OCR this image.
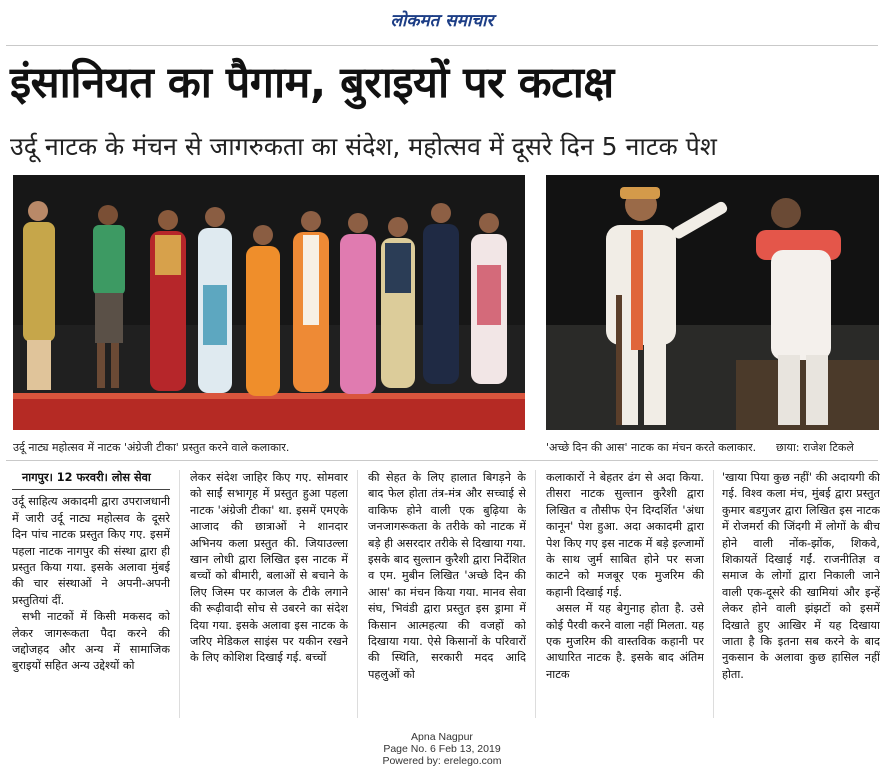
लोकमत समाचार
इंसानियत का पैगाम, बुराइयों पर कटाक्ष
उर्दू नाटक के मंचन से जागरुकता का संदेश, महोत्सव में दूसरे दिन 5 नाटक पेश
उर्दू नाट्य महोत्सव में नाटक 'अंग्रेजी टीका' प्रस्तुत करने वाले कलाकार.	'अच्छे दिन की आस' नाटक का मंचन करते कलाकार. छाया: राजेश टिकले

नागपुर। 12 फरवरी। लोस सेवा

उर्दू साहित्य अकादमी द्वारा उपराजधानी में जारी उर्दू नाट्य महोत्सव के दूसरे दिन पांच नाटक प्रस्तुत किए गए. इसमें पहला नाटक नागपुर की संस्था द्वारा ही प्रस्तुत किया गया. इसके अलावा मुंबई की चार संस्थाओं ने अपनी-अपनी प्रस्तुतियां दीं.

सभी नाटकों में किसी मकसद को लेकर जागरूकता पैदा करने की जद्दोजहद और अन्य में सामाजिक बुराइयों सहित अन्य उद्देश्यों को

लेकर संदेश जाहिर किए गए. सोमवार को साईं सभागृह में प्रस्तुत हुआ पहला नाटक 'अंग्रेजी टीका' था. इसमें एमएके आजाद की छात्राओं ने शानदार अभिनय कला प्रस्तुत की. जियाउल्ला खान लोधी द्वारा लिखित इस नाटक में बच्चों को बीमारी, बलाओं से बचाने के लिए जिस्म पर काजल के टीके लगाने की रूढ़ीवादी सोच से उबरने का संदेश दिया गया. इसके अलावा इस नाटक के जरिए मेडिकल साइंस पर यकीन रखने के लिए कोशिश दिखाई गई. बच्चों

की सेहत के लिए हालात बिगड़ने के बाद फेल होता तंत्र-मंत्र और सच्चाई से वाकिफ होने वाली एक बुढ़िया के जनजागरूकता के तरीके को नाटक में बड़े ही असरदार तरीके से दिखाया गया. इसके बाद सुल्तान कुरैशी द्वारा निर्देशित व एम. मुबीन लिखित 'अच्छे दिन की आस' का मंचन किया गया. मानव सेवा संघ, भिवंडी द्वारा प्रस्तुत इस ड्रामा में किसान आत्महत्या की वजहों को दिखाया गया. ऐसे किसानों के परिवारों की स्थिति, सरकारी मदद आदि पहलुओं को

कलाकारों ने बेहतर ढंग से अदा किया. तीसरा नाटक सुल्तान कुरैशी द्वारा लिखित व तौसीफ ऐन दिग्दर्शित 'अंधा कानून' पेश हुआ. अदा अकादमी द्वारा पेश किए गए इस नाटक में बड़े इल्जामों के साथ जुर्म साबित होने पर सजा काटने को मजबूर एक मुजरिम की कहानी दिखाई गई.

असल में यह बेगुनाह होता है. उसे कोई पैरवी करने वाला नहीं मिलता. यह एक मुजरिम की वास्तविक कहानी पर आधारित नाटक है. इसके बाद अंतिम नाटक

'खाया पिया कुछ नहीं' की अदायगी की गई. विश्व कला मंच, मुंबई द्वारा प्रस्तुत कुमार बडगुजर द्वारा लिखित इस नाटक में रोजमर्रा की जिंदगी में लोगों के बीच होने वाली नोंक-झोंक, शिकवे, शिकायतें दिखाई गईं. राजनीतिज्ञ व समाज के लोगों द्वारा निकाली जाने वाली एक-दूसरे की खामियां और इन्हें लेकर होने वाली झंझटों को इसमें दिखाते हुए आखिर में यह दिखाया जाता है कि इतना सब करने के बाद नुकसान के अलावा कुछ हासिल नहीं होता.

Apna Nagpur
Page No. 6 Feb 13, 2019
Powered by: erelego.com
